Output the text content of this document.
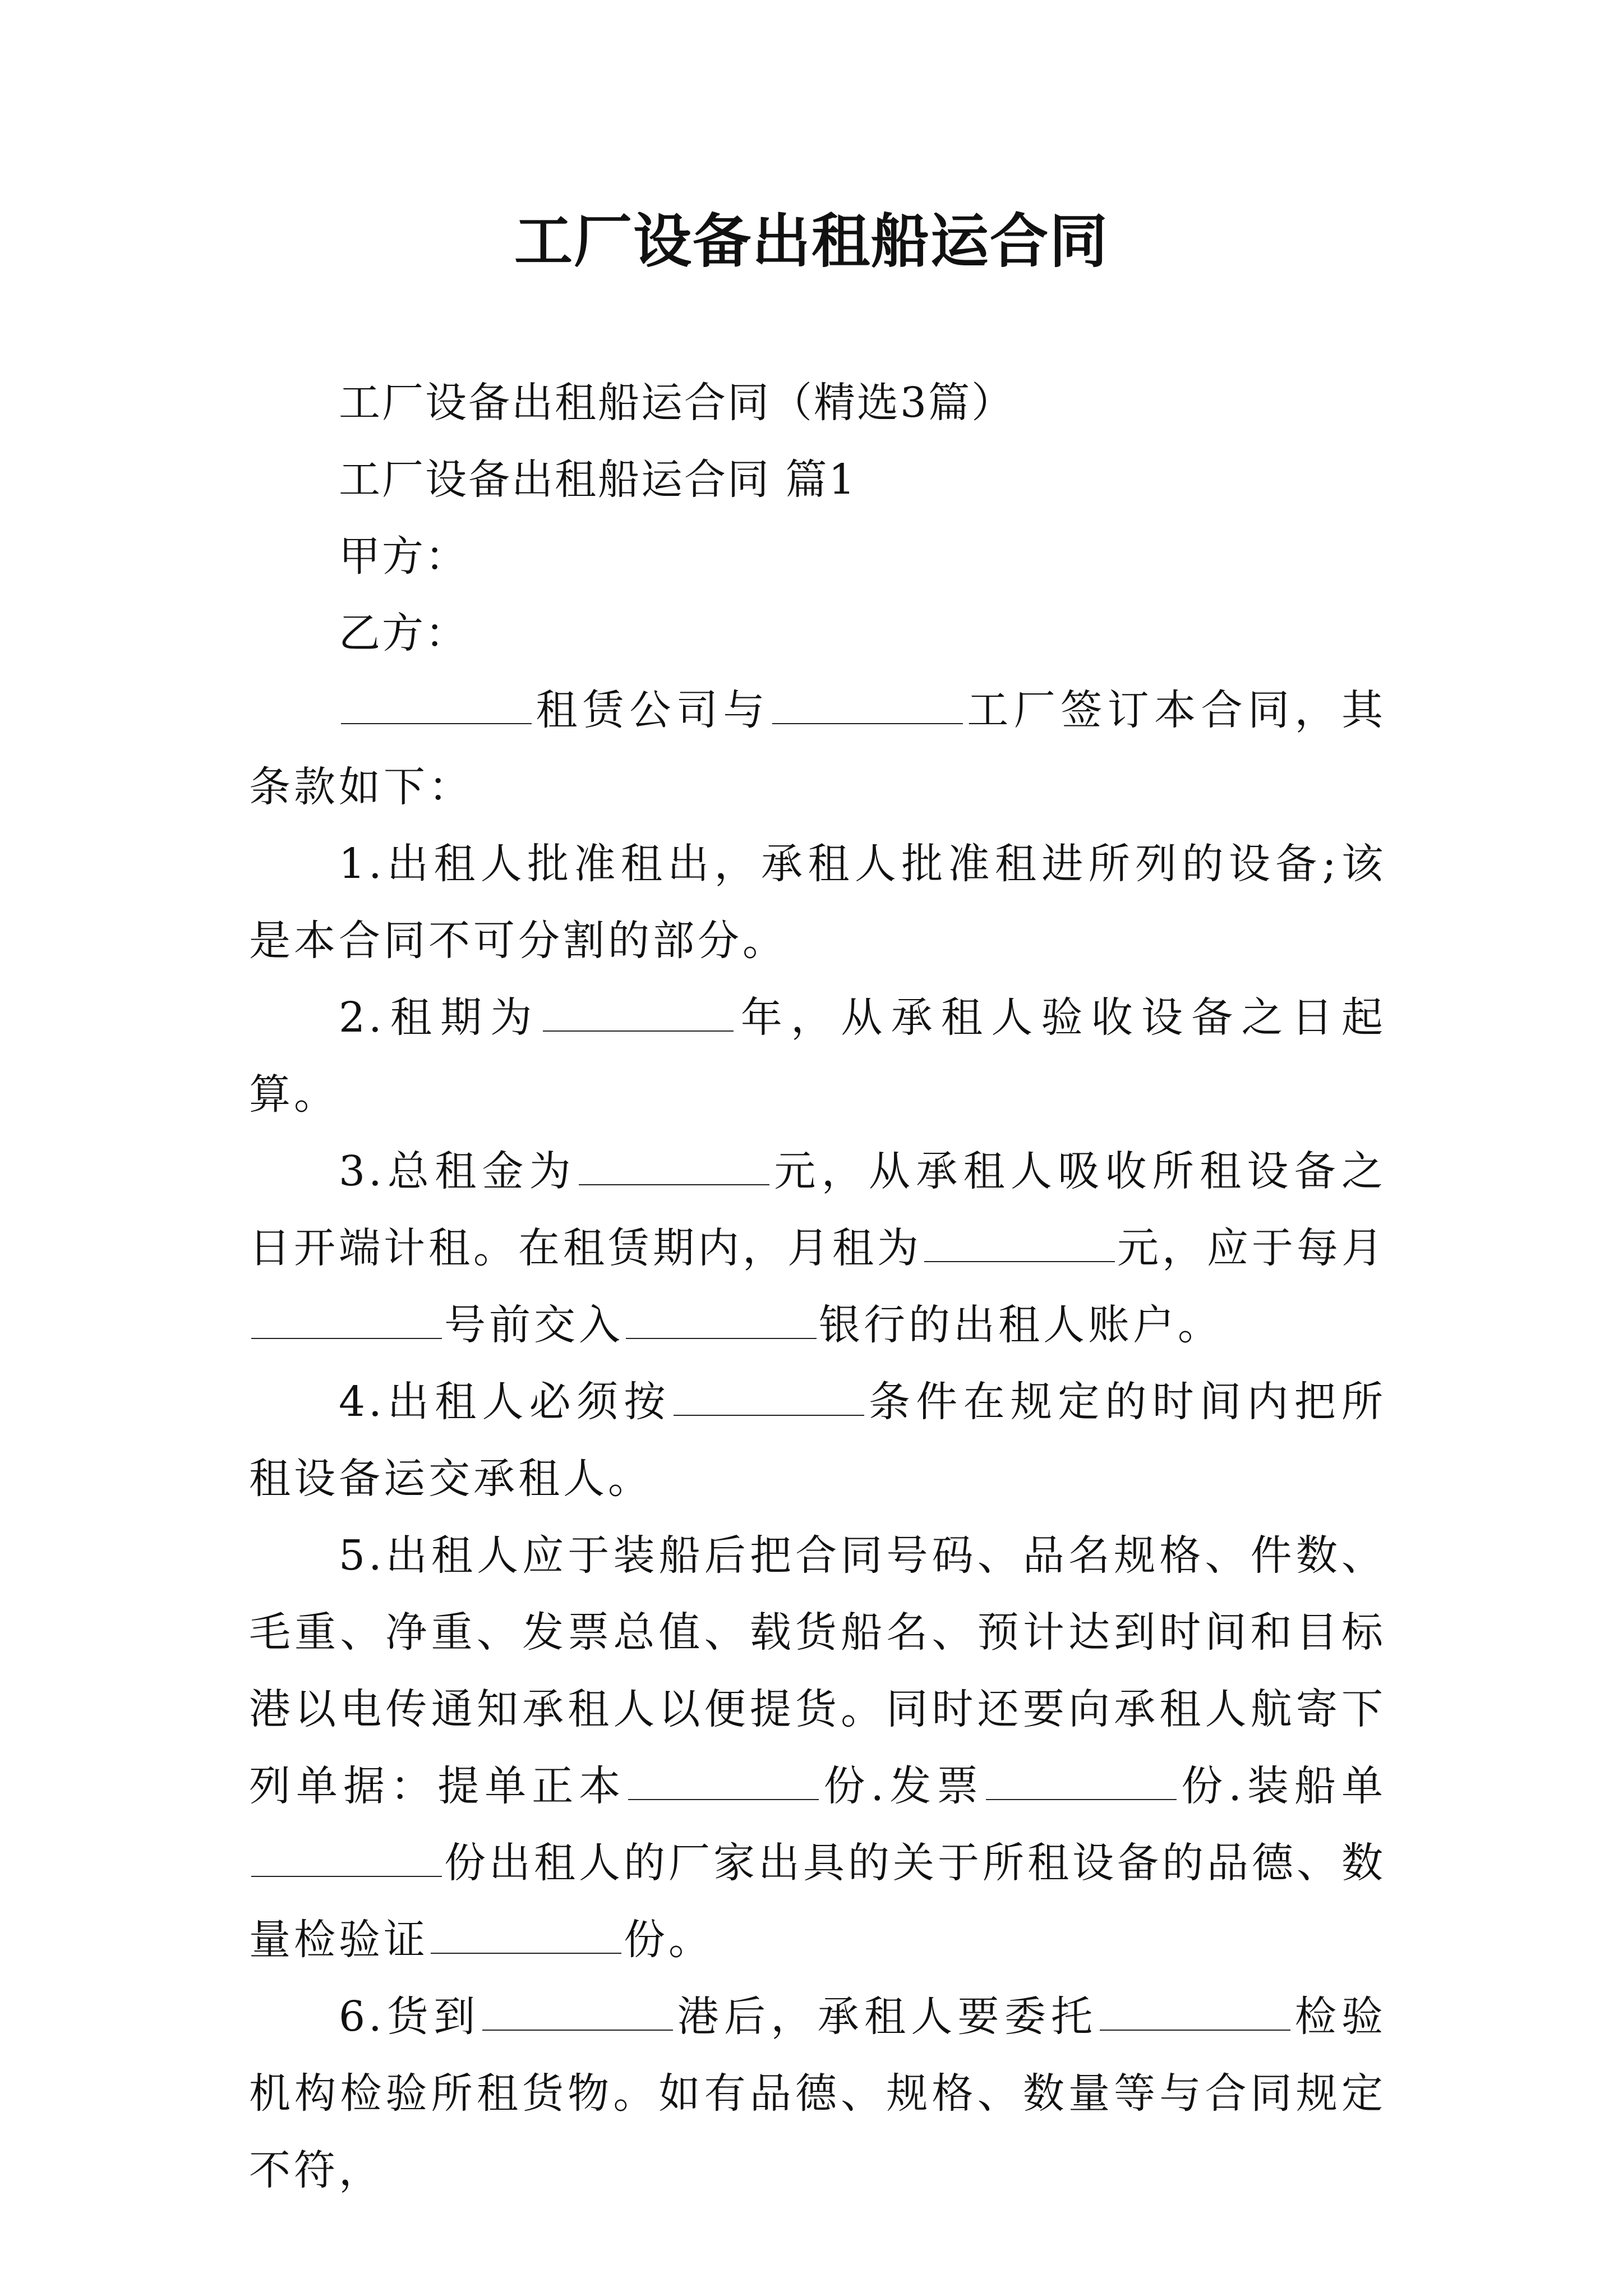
工厂设备出租船运合同
工厂设备出租船运合同（精选3篇）
工厂设备出租船运合同 篇1
甲方：
乙方：

租赁公司与	工厂签订本合同，其条款如下：

1.出租人批准租出，承租人批准租进所列的设备;该是本合同不可分割的部分。

2.租期为	年，从承租人验收设备之日起算。

3.总租金为	元，从承租人吸收所租设备之日开端计租。在租赁期内，月租为	元，应于每月号前交入	银行的出租人账户。

4.出租人必须按	条件在规定的时间内把所租设备运交承租人。

5.出租人应于装船后把合同号码、品名规格、件数、毛重、净重、发票总值、载货船名、预计达到时间和目标港以电传通知承租人以便提货。同时还要向承租人航寄下列单据：提单正本	份.发票	份.装船单份出租人的厂家出具的关于所租设备的品德、数量检验证	份。

6.货到	港后，承租人要委托	检验机构检验所租货物。如有品德、规格、数量等与合同规定不符，
